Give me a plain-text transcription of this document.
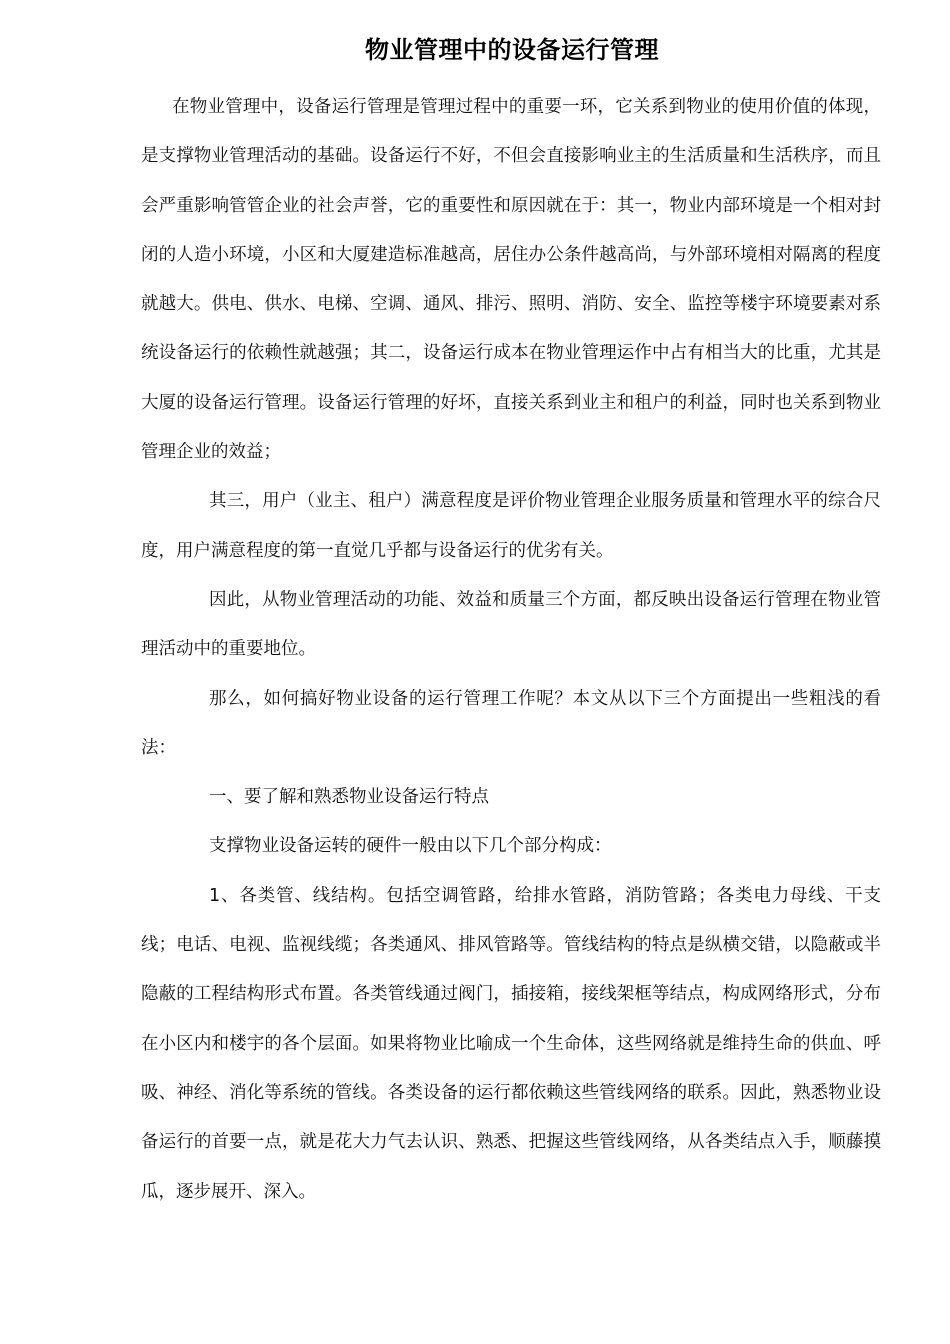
物业管理中的设备运行管理

在物业管理中，设备运行管理是管理过程中的重要一环，它关系到物业的使用价值的体现，是支撑物业管理活动的基础。设备运行不好，不但会直接影响业主的生活质量和生活秩序，而且会严重影响管管企业的社会声誉，它的重要性和原因就在于：其一，物业内部环境是一个相对封闭的人造小环境，小区和大厦建造标准越高，居住办公条件越高尚，与外部环境相对隔离的程度就越大。供电、供水、电梯、空调、通风、排污、照明、消防、安全、监控等楼宇环境要素对系统设备运行的依赖性就越强；其二，设备运行成本在物业管理运作中占有相当大的比重，尤其是大厦的设备运行管理。设备运行管理的好坏，直接关系到业主和租户的利益，同时也关系到物业管理企业的效益；

其三，用户（业主、租户）满意程度是评价物业管理企业服务质量和管理水平的综合尺度，用户满意程度的第一直觉几乎都与设备运行的优劣有关。

因此，从物业管理活动的功能、效益和质量三个方面，都反映出设备运行管理在物业管理活动中的重要地位。

那么，如何搞好物业设备的运行管理工作呢？本文从以下三个方面提出一些粗浅的看法：

一、要了解和熟悉物业设备运行特点

支撑物业设备运转的硬件一般由以下几个部分构成：

1、各类管、线结构。包括空调管路，给排水管路，消防管路；各类电力母线、干支线；电话、电视、监视线缆；各类通风、排风管路等。管线结构的特点是纵横交错，以隐蔽或半隐蔽的工程结构形式布置。各类管线通过阀门，插接箱，接线架框等结点，构成网络形式，分布在小区内和楼宇的各个层面。如果将物业比喻成一个生命体，这些网络就是维持生命的供血、呼吸、神经、消化等系统的管线。各类设备的运行都依赖这些管线网络的联系。因此，熟悉物业设备运行的首要一点，就是花大力气去认识、熟悉、把握这些管线网络，从各类结点入手，顺藤摸瓜，逐步展开、深入。
